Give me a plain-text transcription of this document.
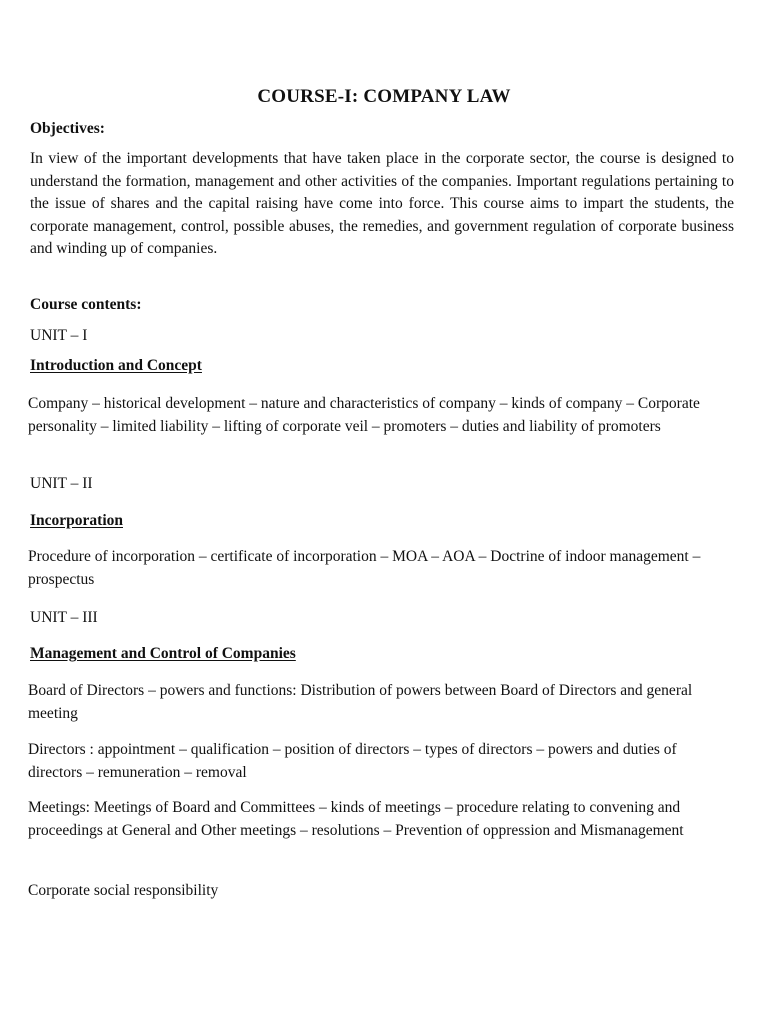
COURSE-I: COMPANY LAW
Objectives:

In view of the important developments that have taken place in the corporate sector, the course is designed to understand the formation, management and other activities of the companies. Important regulations pertaining to the issue of shares and the capital raising have come into force. This course aims to impart the students, the corporate management, control, possible abuses, the remedies, and government regulation of corporate business and winding up of companies.

Course contents:
UNIT – I
Introduction and Concept

Company – historical development – nature and characteristics of company – kinds of company – Corporate personality – limited liability – lifting of corporate veil – promoters – duties and liability of promoters

UNIT – II
Incorporation

Procedure of incorporation – certificate of incorporation – MOA – AOA – Doctrine of indoor management – prospectus

UNIT – III
Management and Control of Companies

Board of Directors – powers and functions: Distribution of powers between Board of Directors and general meeting

Directors : appointment – qualification – position of directors – types of directors – powers and duties of directors – remuneration – removal

Meetings: Meetings of Board and Committees – kinds of meetings – procedure relating to convening and proceedings at General and Other meetings – resolutions – Prevention of oppression and Mismanagement

Corporate social responsibility
